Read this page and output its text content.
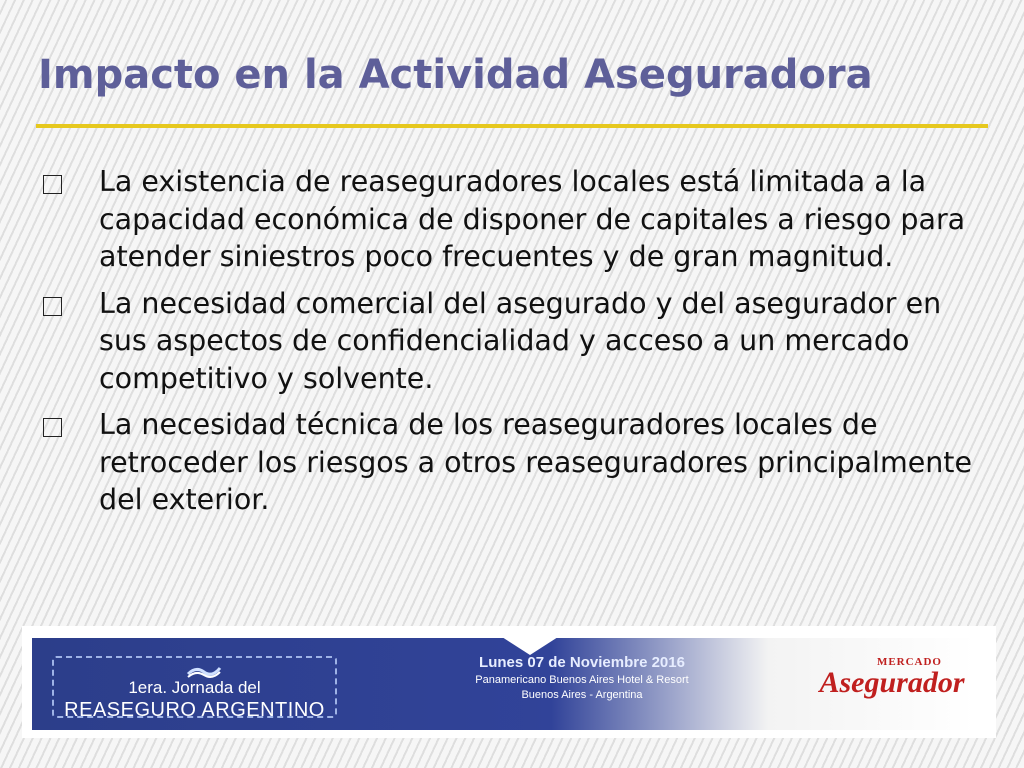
Impacto en la Actividad Aseguradora
La existencia de reaseguradores locales está limitada a la capacidad económica de disponer de capitales a riesgo para atender siniestros poco frecuentes y de gran magnitud.
La necesidad comercial del asegurado y del asegurador en sus aspectos de confidencialidad y acceso a un mercado competitivo y solvente.
La necesidad técnica de los reaseguradores locales de retroceder los riesgos a otros reaseguradores principalmente del exterior.
1era. Jornada del
REASEGURO ARGENTINO
Lunes 07 de Noviembre 2016
Panamericano Buenos Aires Hotel & Resort
Buenos Aires - Argentina
MERCADO
Asegurador
